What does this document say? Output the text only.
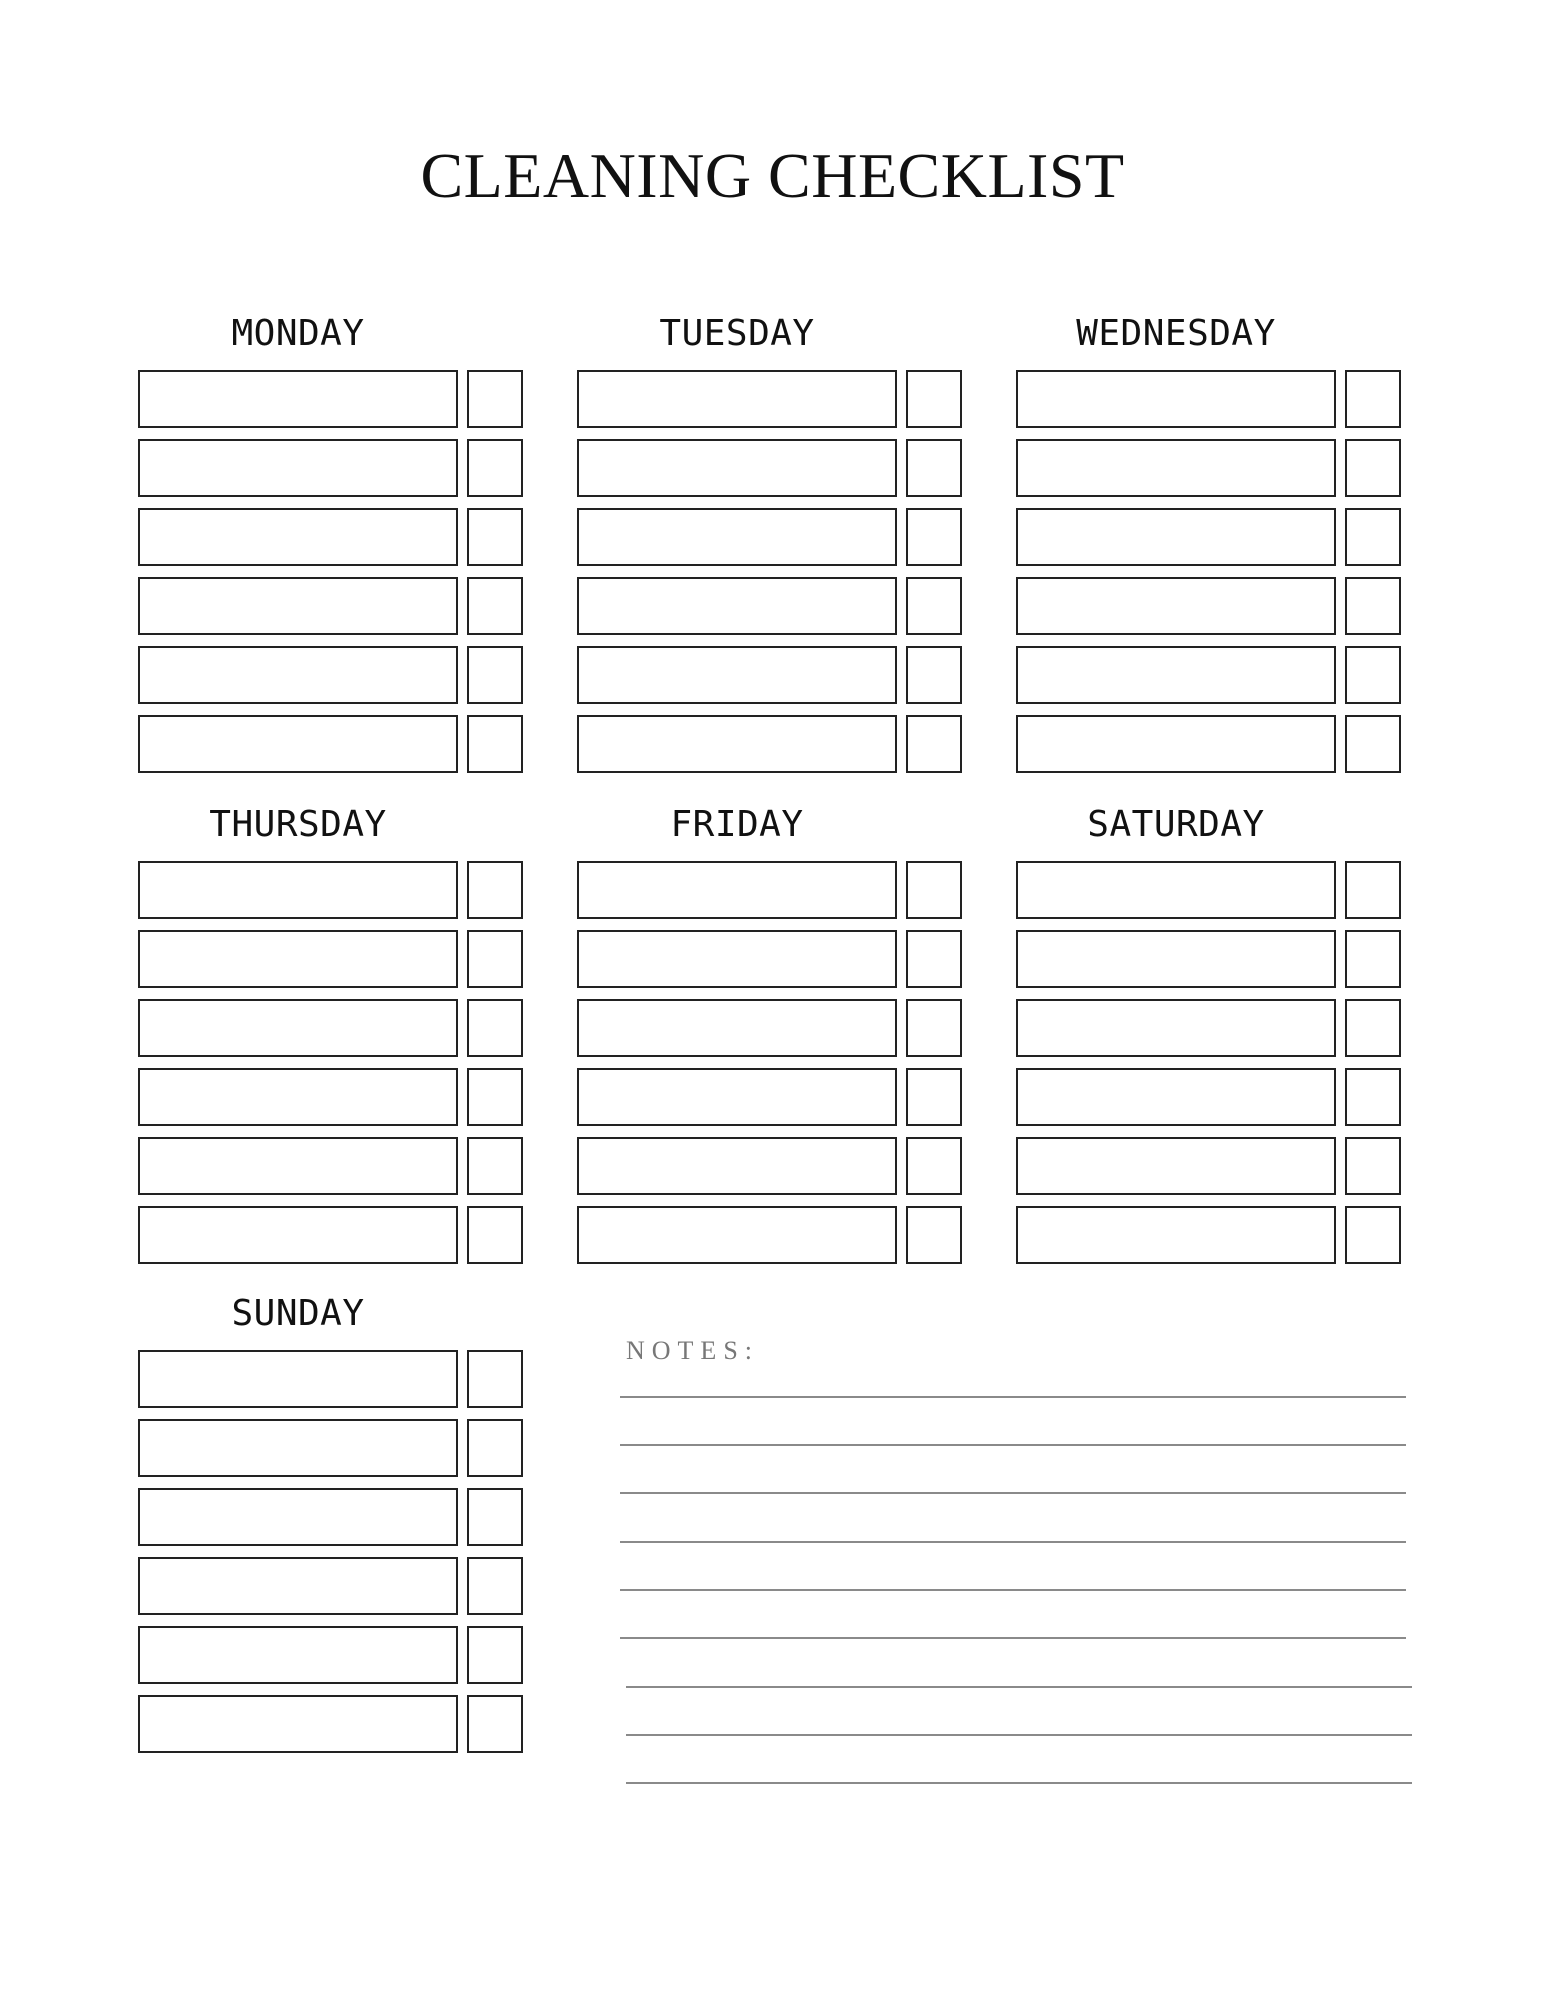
CLEANING CHECKLIST
MONDAY	TUESDAY	WEDNESDAY
THURSDAY	FRIDAY	SATURDAY
SUNDAY
NOTES:
